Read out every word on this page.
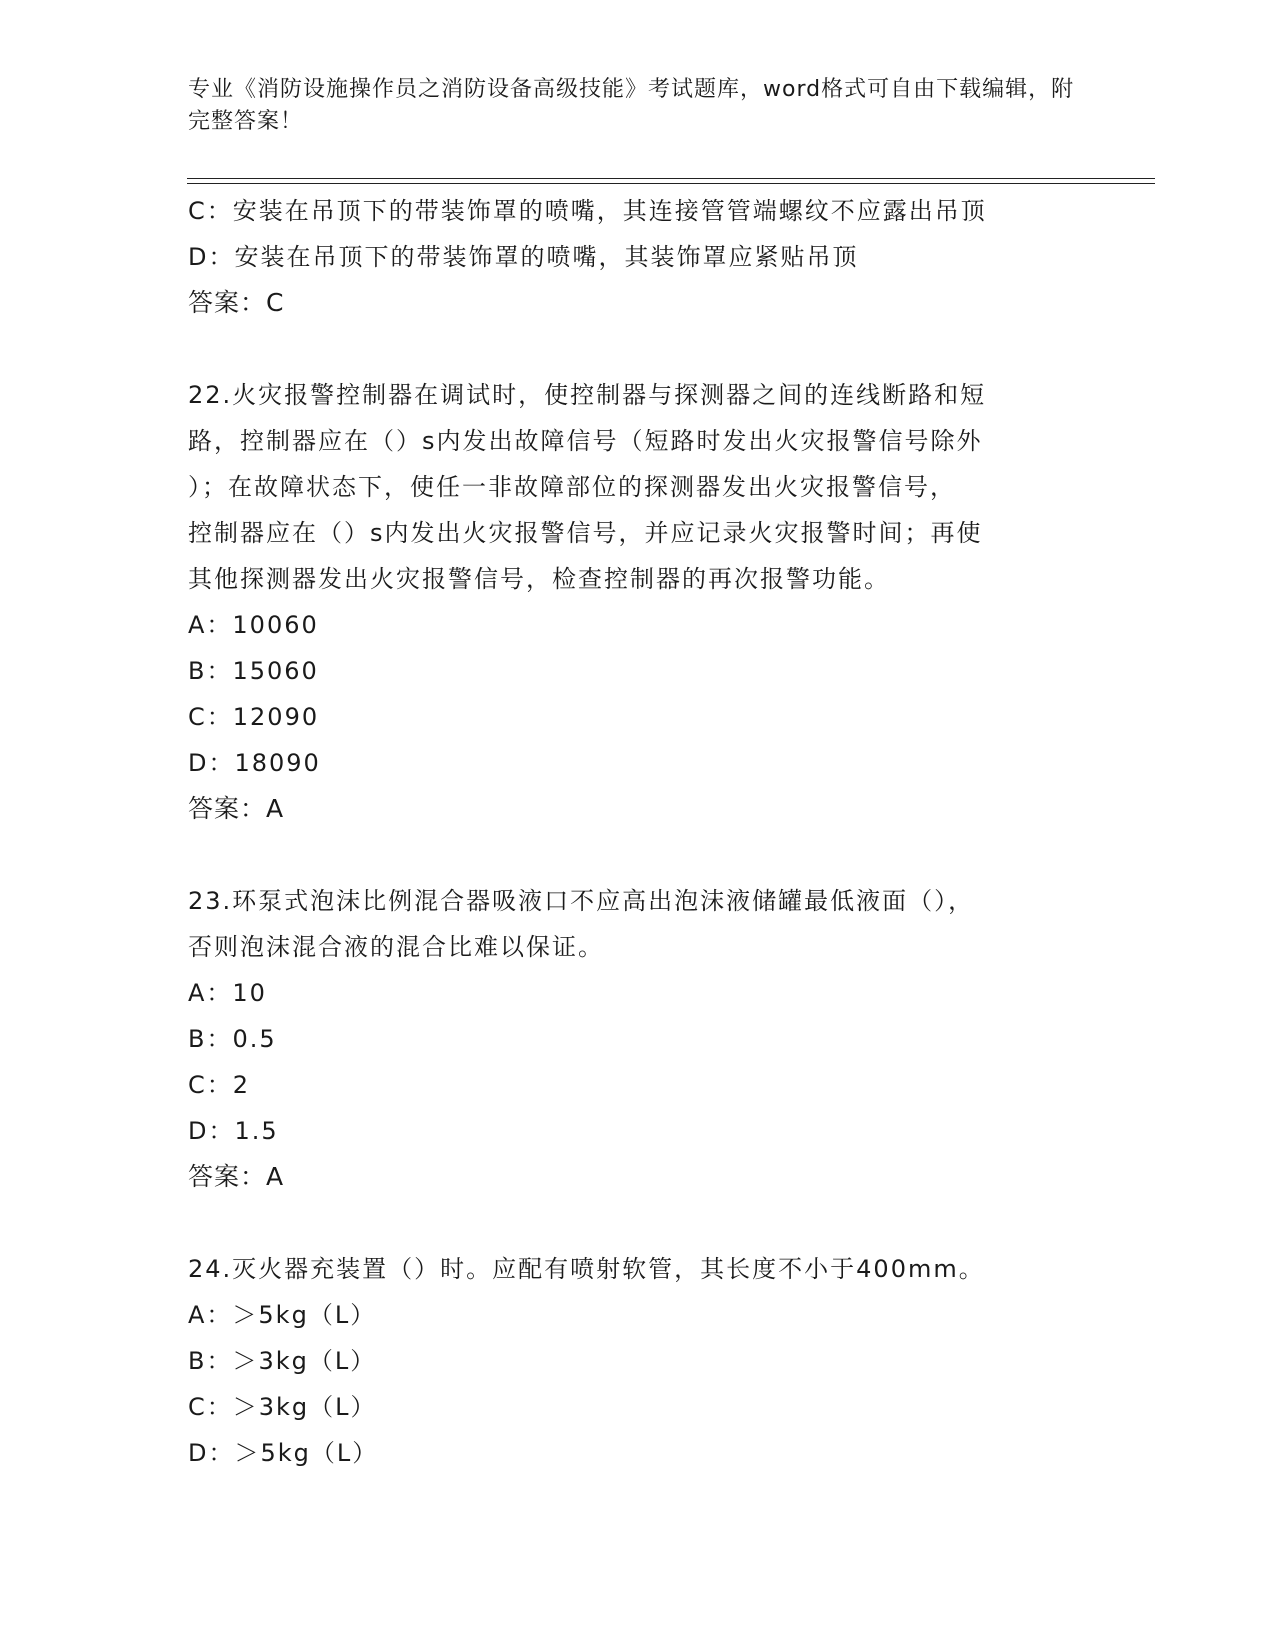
专业《消防设施操作员之消防设备高级技能》考试题库，word格式可自由下载编辑，附完整答案！
C：安装在吊顶下的带装饰罩的喷嘴，其连接管管端螺纹不应露出吊顶
D：安装在吊顶下的带装饰罩的喷嘴，其装饰罩应紧贴吊顶
答案：C
22.火灾报警控制器在调试时，使控制器与探测器之间的连线断路和短
路，控制器应在（）s内发出故障信号（短路时发出火灾报警信号除外
）；在故障状态下，使任一非故障部位的探测器发出火灾报警信号，
控制器应在（）s内发出火灾报警信号，并应记录火灾报警时间；再使
其他探测器发出火灾报警信号，检查控制器的再次报警功能。
A：10060
B：15060
C：12090
D：18090
答案：A
23.环泵式泡沫比例混合器吸液口不应高出泡沫液储罐最低液面（），
否则泡沫混合液的混合比难以保证。
A：10
B：0.5
C：2
D：1.5
答案：A
24.灭火器充装置（）时。应配有喷射软管，其长度不小于400mm。
A：＞5kg（L）
B：＞3kg（L）
C：＞3kg（L）
D：＞5kg（L）
